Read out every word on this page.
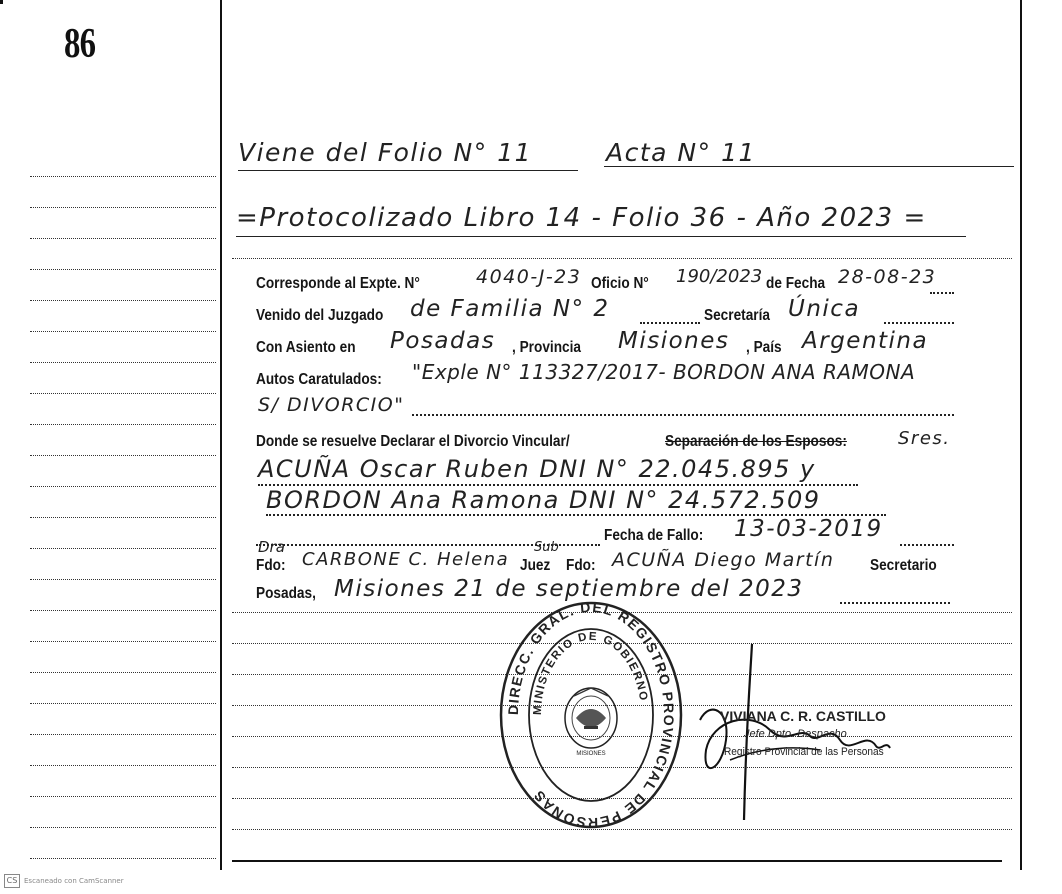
86
Viene del Folio N° 11	Acta N° 11
=Protocolizado Libro 14 - Folio 36 - Año 2023 =
Corresponde al Expte. N°	4040-J-23 Oficio N° 190/2023 de Fecha 28-08-23
Venido del Juzgado de Familia N° 2	Secretaría Única
Con Asiento en Posadas , Provincia Misiones , País Argentina
Autos Caratulados: "Exple N° 113327/2017- BORDON ANA RAMONA
S/ DIVORCIO"
Donde se resuelve Declarar el Divorcio Vincular/	Separación de los Esposos:	Sres.
ACUÑA Oscar Ruben DNI N° 22.045.895 y
BORDON Ana Ramona DNI N° 24.572.509
Fecha de Fallo: 13-03-2019
Dra
Fdo: CARBONE C. Helena
Sub
Juez Fdo: ACUÑA Diego Martín Secretario
Posadas, Misiones 21 de septiembre del 2023
DIRECC. GRAL. DEL REGISTRO PROVINCIAL DE PERSONAS
MINISTERIO DE GOBIERNO
MISIONES
VIVIANA C. R. CASTILLO
Jefe Dpto. Despacho
Registro Provincial de las Personas
CS Escaneado con CamScanner
